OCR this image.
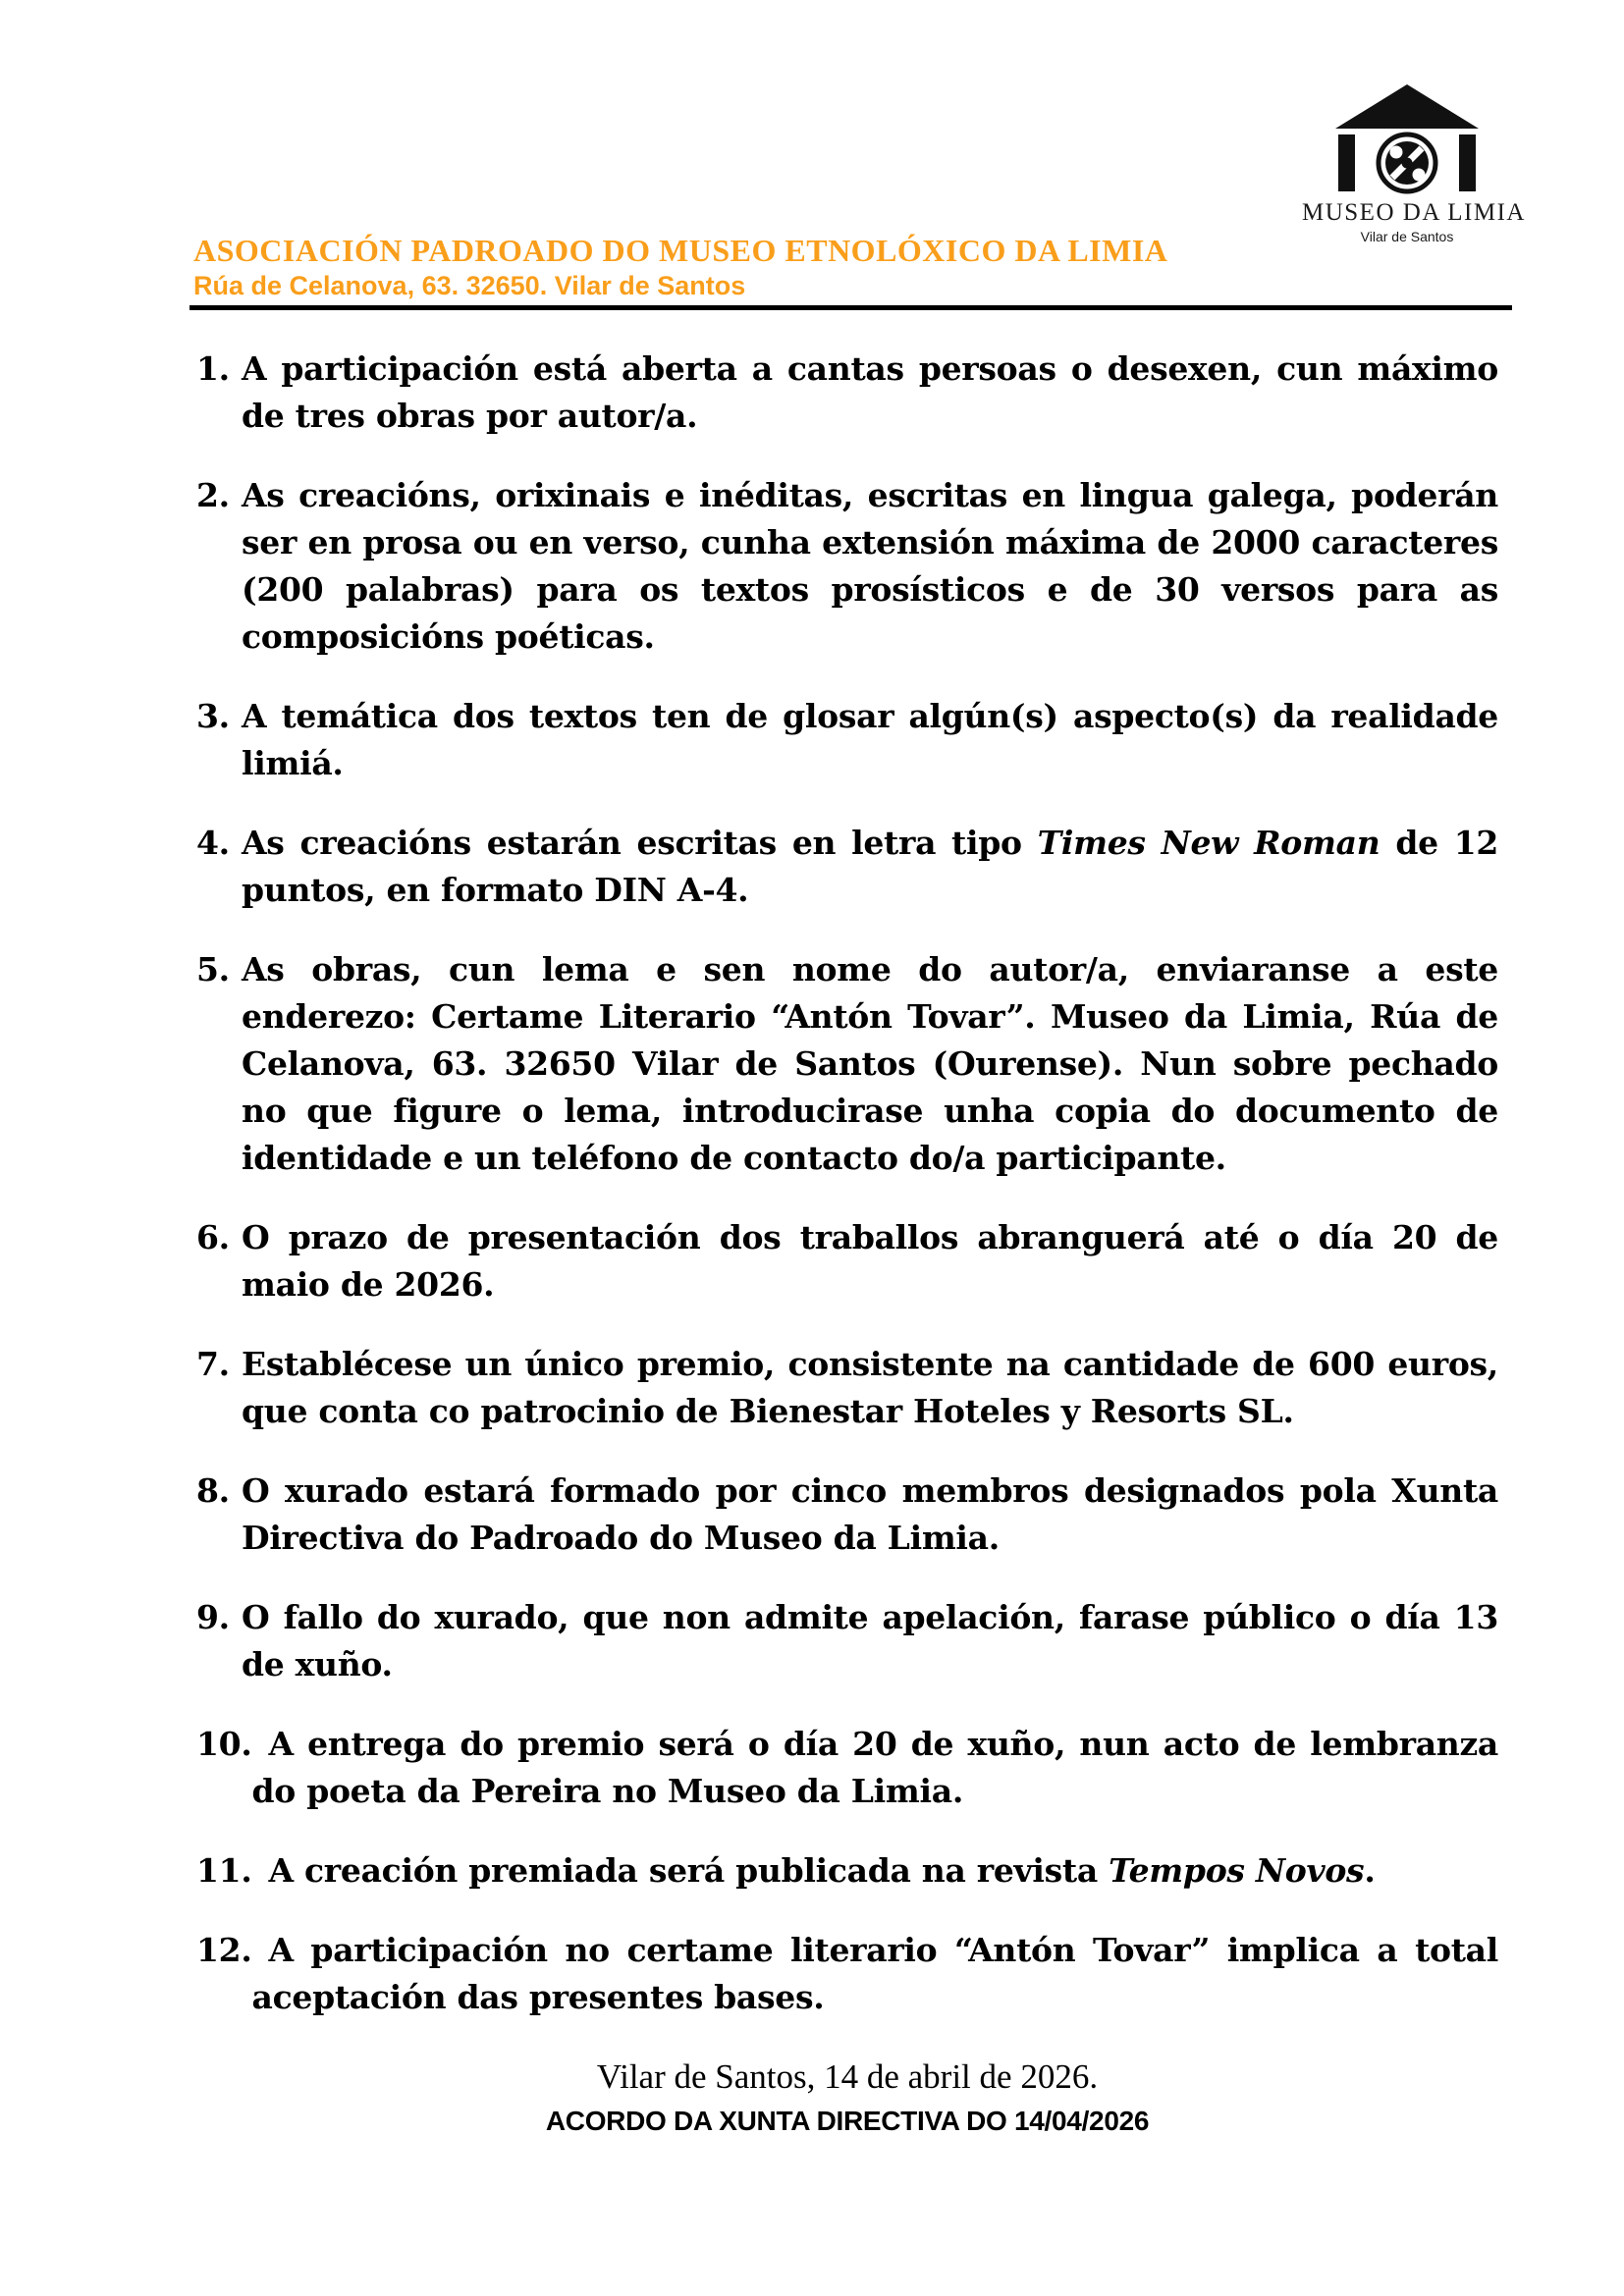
MUSEO DA LIMIA
Vilar de Santos
ASOCIACIÓN PADROADO DO MUSEO ETNOLÓXICO DA LIMIA
Rúa de Celanova, 63. 32650. Vilar de Santos
1. A participación está aberta a cantas persoas o desexen, cun máximo de tres obras por autor/a.
2. As creacións, orixinais e inéditas, escritas en lingua galega, poderán ser en prosa ou en verso, cunha extensión máxima de 2000 caracteres (200 palabras) para os textos prosísticos e de 30 versos para as composicións poéticas.
3. A temática dos textos ten de glosar algún(s) aspecto(s) da realidade limiá.
4. As creacións estarán escritas en letra tipo Times New Roman de 12 puntos, en formato DIN A-4.
5. As obras, cun lema e sen nome do autor/a, enviaranse a este enderezo: Certame Literario “Antón Tovar”. Museo da Limia, Rúa de Celanova, 63. 32650 Vilar de Santos (Ourense). Nun sobre pechado no que figure o lema, introducirase unha copia do documento de identidade e un teléfono de contacto do/a participante.
6. O prazo de presentación dos traballos abranguerá até o día 20 de maio de 2026.
7. Establécese un único premio, consistente na cantidade de 600 euros, que conta co patrocinio de Bienestar Hoteles y Resorts SL.
8. O xurado estará formado por cinco membros designados pola Xunta Directiva do Padroado do Museo da Limia.
9. O fallo do xurado, que non admite apelación, farase público o día 13 de xuño.
10. A entrega do premio será o día 20 de xuño, nun acto de lembranza do poeta da Pereira no Museo da Limia.
11. A creación premiada será publicada na revista Tempos Novos.
12. A participación no certame literario “Antón Tovar” implica a total aceptación das presentes bases.
Vilar de Santos, 14 de abril de 2026.
ACORDO DA XUNTA DIRECTIVA DO 14/04/2026
